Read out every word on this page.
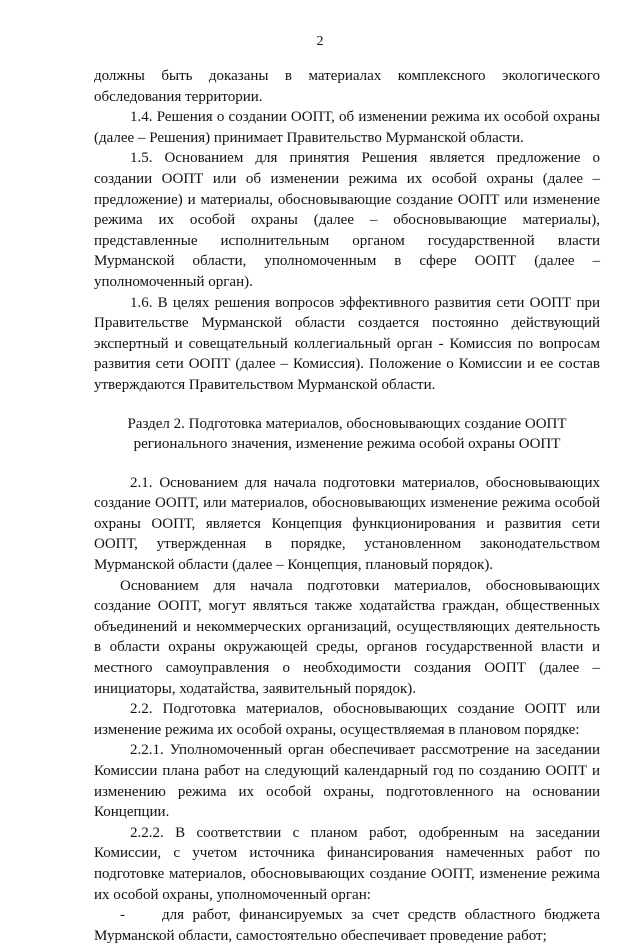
2

должны быть доказаны в материалах комплексного экологического обследования территории.

1.4. Решения о создании ООПТ, об изменении режима их особой охраны (далее – Решения) принимает Правительство Мурманской области.

1.5. Основанием для принятия Решения является предложение о создании ООПТ или об изменении режима их особой охраны (далее – предложение) и материалы, обосновывающие создание ООПТ или изменение режима их особой охраны (далее – обосновывающие материалы), представленные исполнительным органом государственной власти Мурманской области, уполномоченным в сфере ООПТ (далее – уполномоченный орган).

1.6. В целях решения вопросов эффективного развития сети ООПТ при Правительстве Мурманской области создается постоянно действующий экспертный и совещательный коллегиальный орган - Комиссия по вопросам развития сети ООПТ (далее – Комиссия). Положение о Комиссии и ее состав утверждаются Правительством Мурманской области.

Раздел 2. Подготовка материалов, обосновывающих создание ООПТ регионального значения, изменение режима особой охраны ООПТ

2.1. Основанием для начала подготовки материалов, обосновывающих создание ООПТ, или материалов, обосновывающих изменение режима особой охраны ООПТ, является Концепция функционирования и развития сети ООПТ, утвержденная в порядке, установленном законодательством Мурманской области (далее – Концепция, плановый порядок).

Основанием для начала подготовки материалов, обосновывающих создание ООПТ, могут являться также ходатайства граждан, общественных объединений и некоммерческих организаций, осуществляющих деятельность в области охраны окружающей среды, органов государственной власти и местного самоуправления о необходимости создания ООПТ (далее – инициаторы, ходатайства, заявительный порядок).

2.2. Подготовка материалов, обосновывающих создание ООПТ или изменение режима их особой охраны, осуществляемая в плановом порядке:

2.2.1. Уполномоченный орган обеспечивает рассмотрение на заседании Комиссии плана работ на следующий календарный год по созданию ООПТ и изменению режима их особой охраны, подготовленного на основании Концепции.

2.2.2. В соответствии с планом работ, одобренным на заседании Комиссии, с учетом источника финансирования намеченных работ по подготовке материалов, обосновывающих создание ООПТ, изменение режима их особой охраны, уполномоченный орган:

- для работ, финансируемых за счет средств областного бюджета Мурманской области, самостоятельно обеспечивает проведение работ;
